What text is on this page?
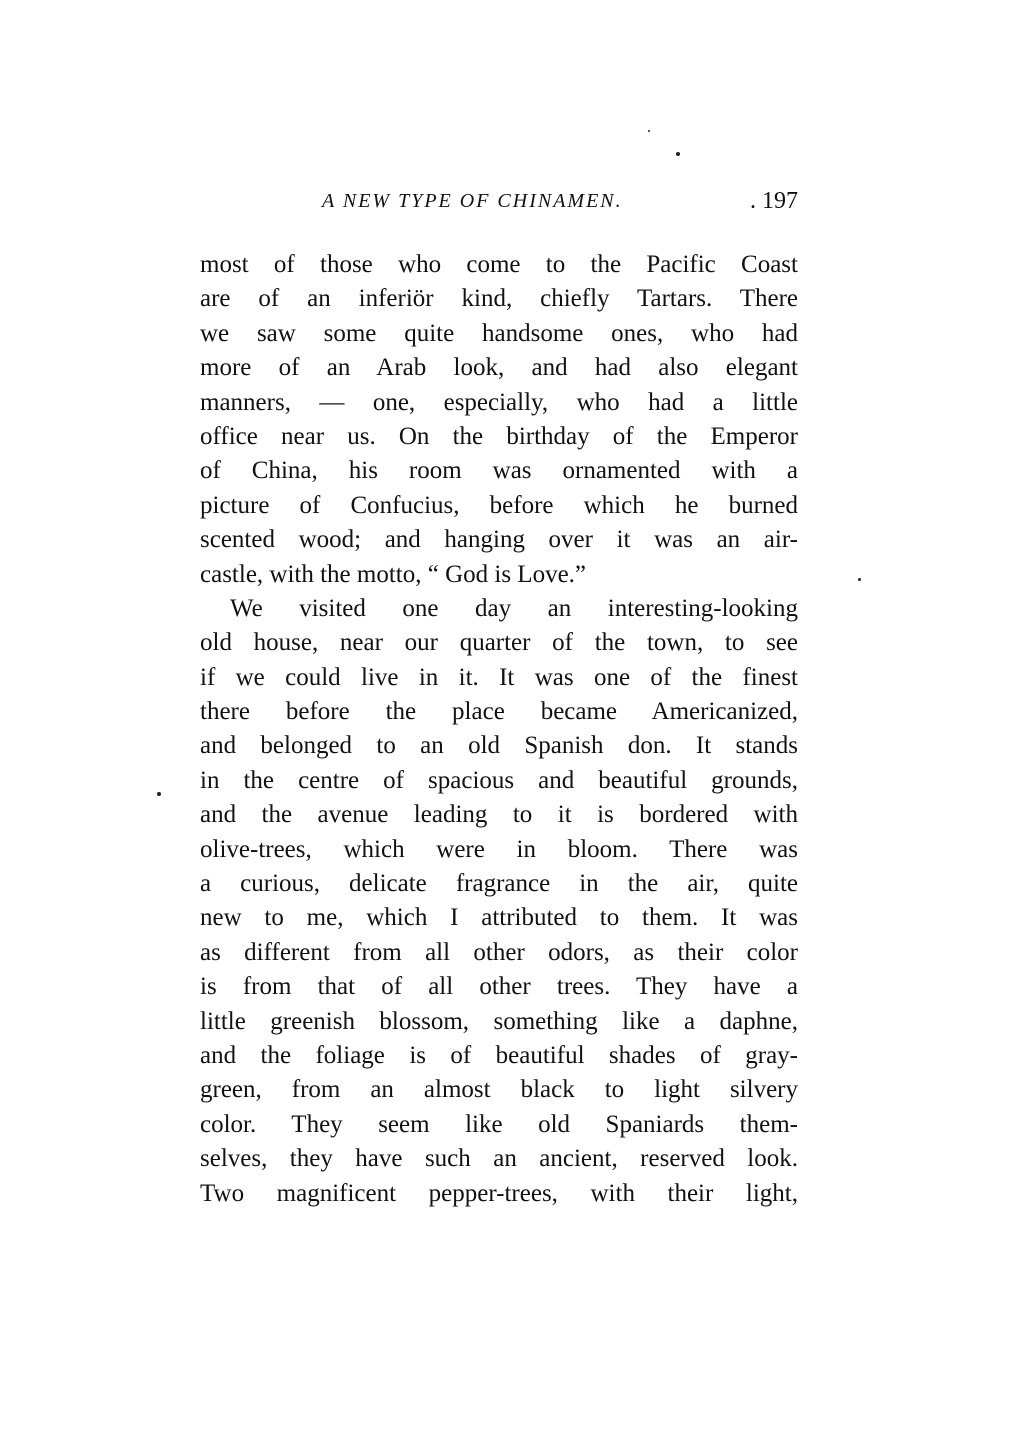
A NEW TYPE OF CHINAMEN.	. 197
most of those who come to the Pacific Coast
are of an inferiör kind, chiefly Tartars. There
we saw some quite handsome ones, who had
more of an Arab look, and had also elegant
manners, — one, especially, who had a little
office near us. On the birthday of the Emperor
of China, his room was ornamented with a
picture of Confucius, before which he burned
scented wood; and hanging over it was an air-
castle, with the motto, “ God is Love.”
We visited one day an interesting-looking
old house, near our quarter of the town, to see
if we could live in it. It was one of the finest
there before the place became Americanized,
and belonged to an old Spanish don. It stands
in the centre of spacious and beautiful grounds,
and the avenue leading to it is bordered with
olive-trees, which were in bloom. There was
a curious, delicate fragrance in the air, quite
new to me, which I attributed to them. It was
as different from all other odors, as their color
is from that of all other trees. They have a
little greenish blossom, something like a daphne,
and the foliage is of beautiful shades of gray-
green, from an almost black to light silvery
color. They seem like old Spaniards them-
selves, they have such an ancient, reserved look.
Two magnificent pepper-trees, with their light,
